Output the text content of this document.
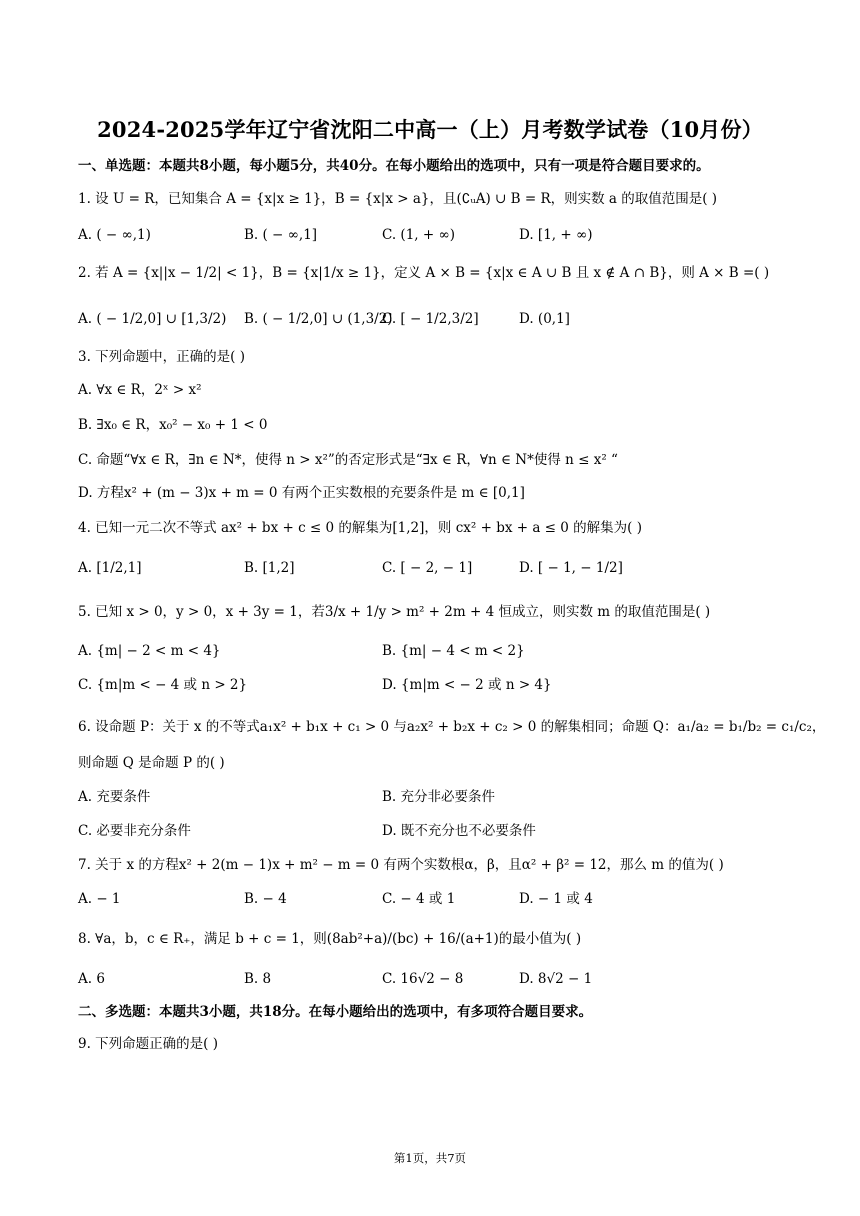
2024-2025学年辽宁省沈阳二中高一（上）月考数学试卷（10月份）
一、单选题：本题共8小题，每小题5分，共40分。在每小题给出的选项中，只有一项是符合题目要求的。
1. 设 U = R，已知集合 A = {x|x ≥ 1}，B = {x|x > a}，且(∁ᵤA) ∪ B = R，则实数 a 的取值范围是( )
A. ( − ∞,1)	B. ( − ∞,1]	C. (1, + ∞)	D. [1, + ∞)
2. 若 A = {x||x − 1/2| < 1}，B = {x|1/x ≥ 1}，定义 A × B = {x|x ∈ A ∪ B 且 x ∉ A ∩ B}，则 A × B =( )
A. ( − 1/2,0] ∪ [1,3/2) B. ( − 1/2,0] ∪ (1,3/2)
C. [ − 1/2,3/2]	D. (0,1]
3. 下列命题中，正确的是( )
A. ∀x ∈ R，2ˣ > x²
B. ∃x₀ ∈ R，x₀² − x₀ + 1 < 0
C. 命题“∀x ∈ R，∃n ∈ N*，使得 n > x²”的否定形式是“∃x ∈ R，∀n ∈ N*使得 n ≤ x² “
D. 方程x² + (m − 3)x + m = 0 有两个正实数根的充要条件是 m ∈ [0,1]
4. 已知一元二次不等式 ax² + bx + c ≤ 0 的解集为[1,2]，则 cx² + bx + a ≤ 0 的解集为( )
A. [1/2,1]	B. [1,2]	C. [ − 2, − 1]	D. [ − 1, − 1/2]
5. 已知 x > 0，y > 0，x + 3y = 1，若3/x + 1/y > m² + 2m + 4 恒成立，则实数 m 的取值范围是( )
A. {m| − 2 < m < 4}	B. {m| − 4 < m < 2}
C. {m|m < − 4 或 n > 2}	D. {m|m < − 2 或 n > 4}
6. 设命题 P：关于 x 的不等式a₁x² + b₁x + c₁ > 0 与a₂x² + b₂x + c₂ > 0 的解集相同；命题 Q：a₁/a₂ = b₁/b₂ = c₁/c₂，
则命题 Q 是命题 P 的( )
A. 充要条件	B. 充分非必要条件
C. 必要非充分条件	D. 既不充分也不必要条件
7. 关于 x 的方程x² + 2(m − 1)x + m² − m = 0 有两个实数根α，β，且α² + β² = 12，那么 m 的值为( )
A. − 1	B. − 4	C. − 4 或 1	D. − 1 或 4
8. ∀a，b，c ∈ R₊，满足 b + c = 1，则(8ab²+a)/(bc) + 16/(a+1)的最小值为( )
A. 6	B. 8	C. 16√2 − 8	D. 8√2 − 1
二、多选题：本题共3小题，共18分。在每小题给出的选项中，有多项符合题目要求。
9. 下列命题正确的是( )
第1页，共7页
